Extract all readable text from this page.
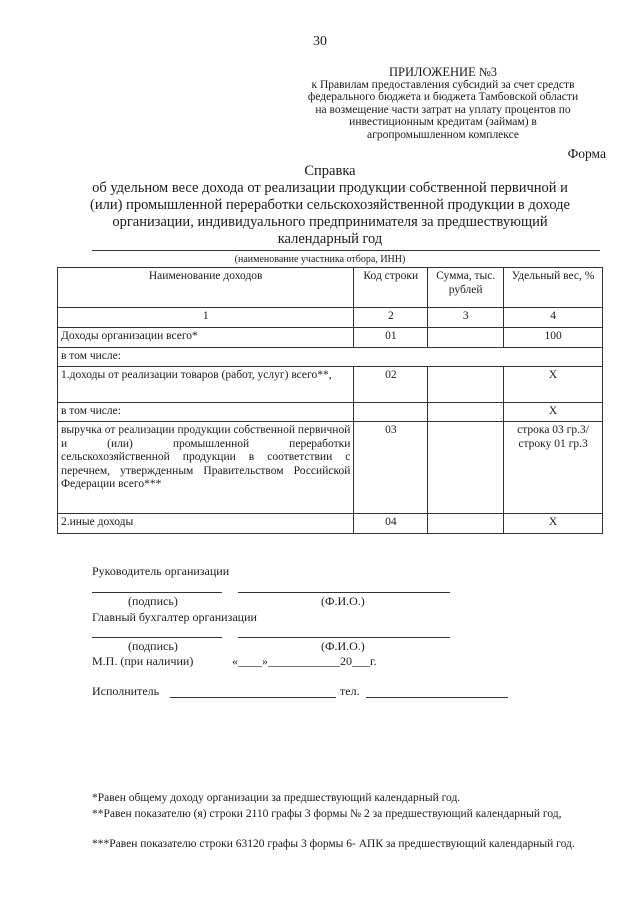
30
ПРИЛОЖЕНИЕ №3
к Правилам предоставления субсидий за счет средств
федерального бюджета и бюджета Тамбовской области
на возмещение части затрат на уплату процентов по
инвестиционным кредитам (займам) в
агропромышленном комплексе
Форма
Справка
об удельном весе дохода от реализации продукции собственной первичной и
(или) промышленной переработки сельскохозяйственной продукции в доходе
организации, индивидуального предпринимателя за предшествующий
календарный год
(наименование участника отбора, ИНН)
Наименование доходов	Код строки	Сумма, тыс. рублей	Удельный вес, %
1	2	3	4
Доходы организации всего*	01		100
в том числе:			
1.доходы от реализации товаров (работ, услуг) всего**,	02		X
в том числе:			X
выручка от реализации продукции собственной первичной и (или) промышленной переработки сельскохозяйственной продукции в соответствии с перечнем, утвержденным Правительством Российской Федерации всего***	03		строка 03 гр.3/ строку 01 гр.3
2.иные доходы	04		X
Руководитель организации
(подпись)	(Ф.И.О.)
Главный бухгалтер организации
(подпись)	(Ф.И.О.)
М.П. (при наличии)	«____»____________20___г.
Исполнитель	тел.
*Равен общему доходу организации за предшествующий календарный год.
**Равен показателю (я) строки 2110 графы 3 формы № 2 за предшествующий календарный год,
***Равен показателю строки 63120 графы 3 формы 6- АПК за предшествующий календарный год.
